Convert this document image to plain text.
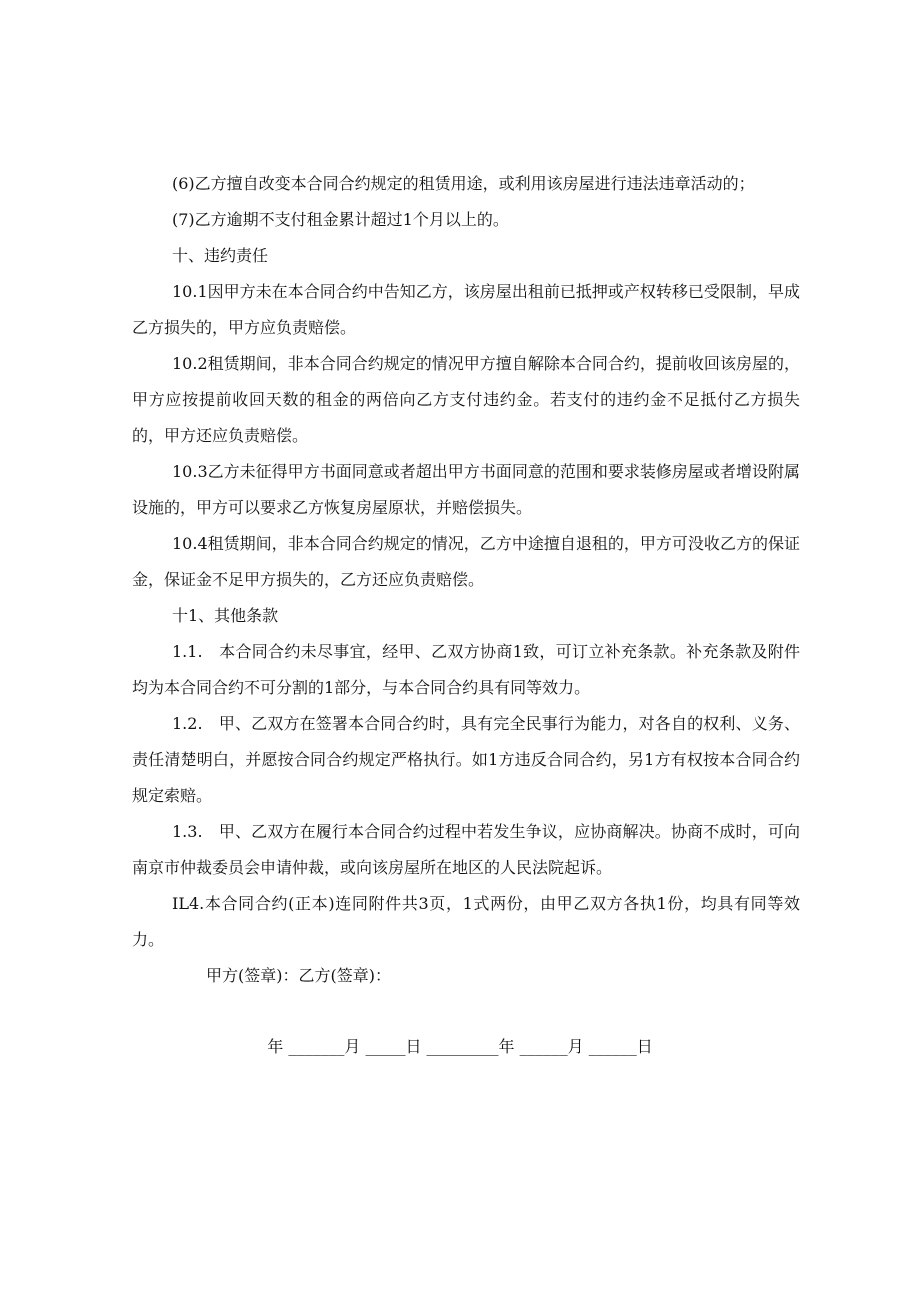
(6)乙方擅自改变本合同合约规定的租赁用途，或利用该房屋进行违法违章活动的；

(7)乙方逾期不支付租金累计超过1个月以上的。

十、违约责任

10.1因甲方未在本合同合约中告知乙方，该房屋出租前已抵押或产权转移已受限制，早成乙方损失的，甲方应负责赔偿。

10.2租赁期间，非本合同合约规定的情况甲方擅自解除本合同合约，提前收回该房屋的，甲方应按提前收回天数的租金的两倍向乙方支付违约金。若支付的违约金不足抵付乙方损失的，甲方还应负责赔偿。

10.3乙方未征得甲方书面同意或者超出甲方书面同意的范围和要求装修房屋或者增设附属设施的，甲方可以要求乙方恢复房屋原状，并赔偿损失。

10.4租赁期间，非本合同合约规定的情况，乙方中途擅自退租的，甲方可没收乙方的保证金，保证金不足甲方损失的，乙方还应负责赔偿。

十1、其他条款

1.1.　本合同合约未尽事宜，经甲、乙双方协商1致，可订立补充条款。补充条款及附件均为本合同合约不可分割的1部分，与本合同合约具有同等效力。

1.2.　甲、乙双方在签署本合同合约时，具有完全民事行为能力，对各自的权利、义务、责任清楚明白，并愿按合同合约规定严格执行。如1方违反合同合约，另1方有权按本合同合约规定索赔。

1.3.　甲、乙双方在履行本合同合约过程中若发生争议，应协商解决。协商不成时，可向南京市仲裁委员会申请仲裁，或向该房屋所在地区的人民法院起诉。

IL4.本合同合约(正本)连同附件共3页，1式两份，由甲乙双方各执1份，均具有同等效力。

甲方(签章)：乙方(签章)：

年 _______月 _____日 _________年 ______月 ______日
